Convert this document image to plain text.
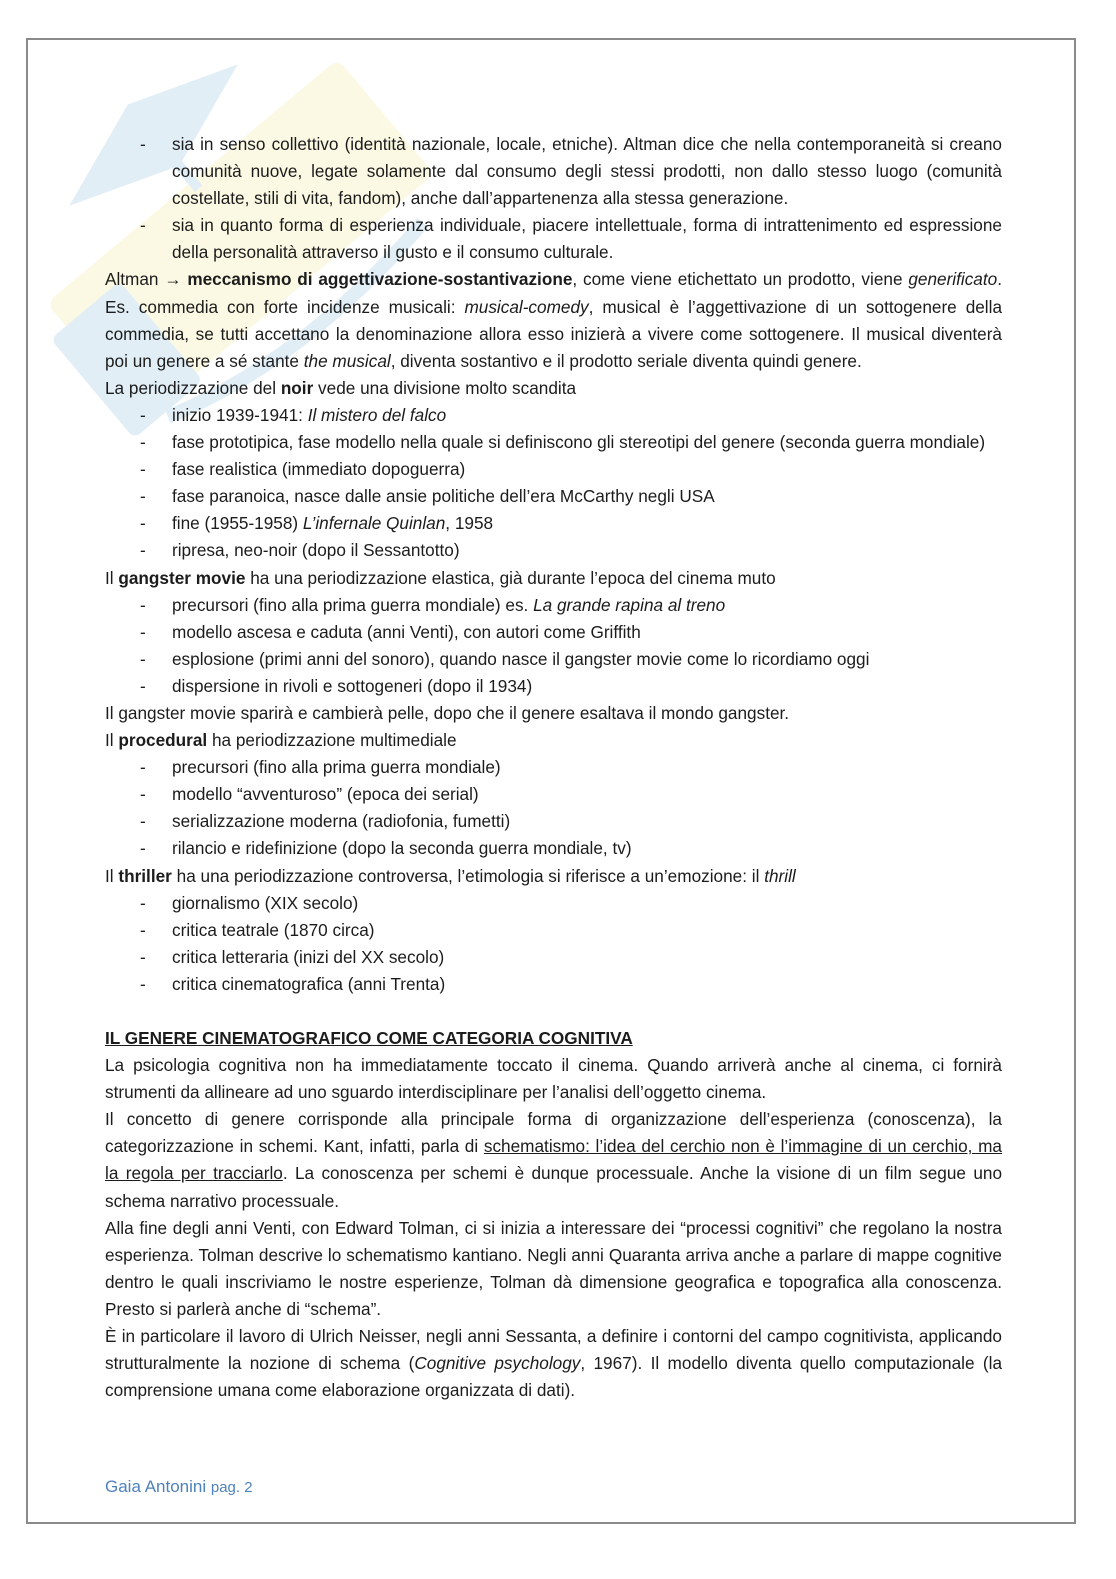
- sia in senso collettivo (identità nazionale, locale, etniche). Altman dice che nella contemporaneità si creano comunità nuove, legate solamente dal consumo degli stessi prodotti, non dallo stesso luogo (comunità costellate, stili di vita, fandom), anche dall’appartenenza alla stessa generazione.
- sia in quanto forma di esperienza individuale, piacere intellettuale, forma di intrattenimento ed espressione della personalità attraverso il gusto e il consumo culturale.

Altman → meccanismo di aggettivazione-sostantivazione, come viene etichettato un prodotto, viene generificato. Es. commedia con forte incidenze musicali: musical-comedy, musical è l’aggettivazione di un sottogenere della commedia, se tutti accettano la denominazione allora esso inizierà a vivere come sottogenere. Il musical diventerà poi un genere a sé stante the musical, diventa sostantivo e il prodotto seriale diventa quindi genere.

La periodizzazione del noir vede una divisione molto scandita

- inizio 1939-1941: Il mistero del falco
- fase prototipica, fase modello nella quale si definiscono gli stereotipi del genere (seconda guerra mondiale)
- fase realistica (immediato dopoguerra)
- fase paranoica, nasce dalle ansie politiche dell’era McCarthy negli USA
- fine (1955-1958) L’infernale Quinlan, 1958
- ripresa, neo-noir (dopo il Sessantotto)

Il gangster movie ha una periodizzazione elastica, già durante l’epoca del cinema muto

- precursori (fino alla prima guerra mondiale) es. La grande rapina al treno
- modello ascesa e caduta (anni Venti), con autori come Griffith
- esplosione (primi anni del sonoro), quando nasce il gangster movie come lo ricordiamo oggi
- dispersione in rivoli e sottogeneri (dopo il 1934)

Il gangster movie sparirà e cambierà pelle, dopo che il genere esaltava il mondo gangster.

Il procedural ha periodizzazione multimediale

- precursori (fino alla prima guerra mondiale)
- modello “avventuroso” (epoca dei serial)
- serializzazione moderna (radiofonia, fumetti)
- rilancio e ridefinizione (dopo la seconda guerra mondiale, tv)

Il thriller ha una periodizzazione controversa, l’etimologia si riferisce a un’emozione: il thrill

- giornalismo (XIX secolo)
- critica teatrale (1870 circa)
- critica letteraria (inizi del XX secolo)
- critica cinematografica (anni Trenta)

IL GENERE CINEMATOGRAFICO COME CATEGORIA COGNITIVA

La psicologia cognitiva non ha immediatamente toccato il cinema. Quando arriverà anche al cinema, ci fornirà strumenti da allineare ad uno sguardo interdisciplinare per l’analisi dell’oggetto cinema.

Il concetto di genere corrisponde alla principale forma di organizzazione dell’esperienza (conoscenza), la categorizzazione in schemi. Kant, infatti, parla di schematismo: l’idea del cerchio non è l’immagine di un cerchio, ma la regola per tracciarlo. La conoscenza per schemi è dunque processuale. Anche la visione di un film segue uno schema narrativo processuale.

Alla fine degli anni Venti, con Edward Tolman, ci si inizia a interessare dei “processi cognitivi” che regolano la nostra esperienza. Tolman descrive lo schematismo kantiano. Negli anni Quaranta arriva anche a parlare di mappe cognitive dentro le quali inscriviamo le nostre esperienze, Tolman dà dimensione geografica e topografica alla conoscenza. Presto si parlerà anche di “schema”.

È in particolare il lavoro di Ulrich Neisser, negli anni Sessanta, a definire i contorni del campo cognitivista, applicando strutturalmente la nozione di schema (Cognitive psychology, 1967). Il modello diventa quello computazionale (la comprensione umana come elaborazione organizzata di dati).

Gaia Antonini pag. 2
